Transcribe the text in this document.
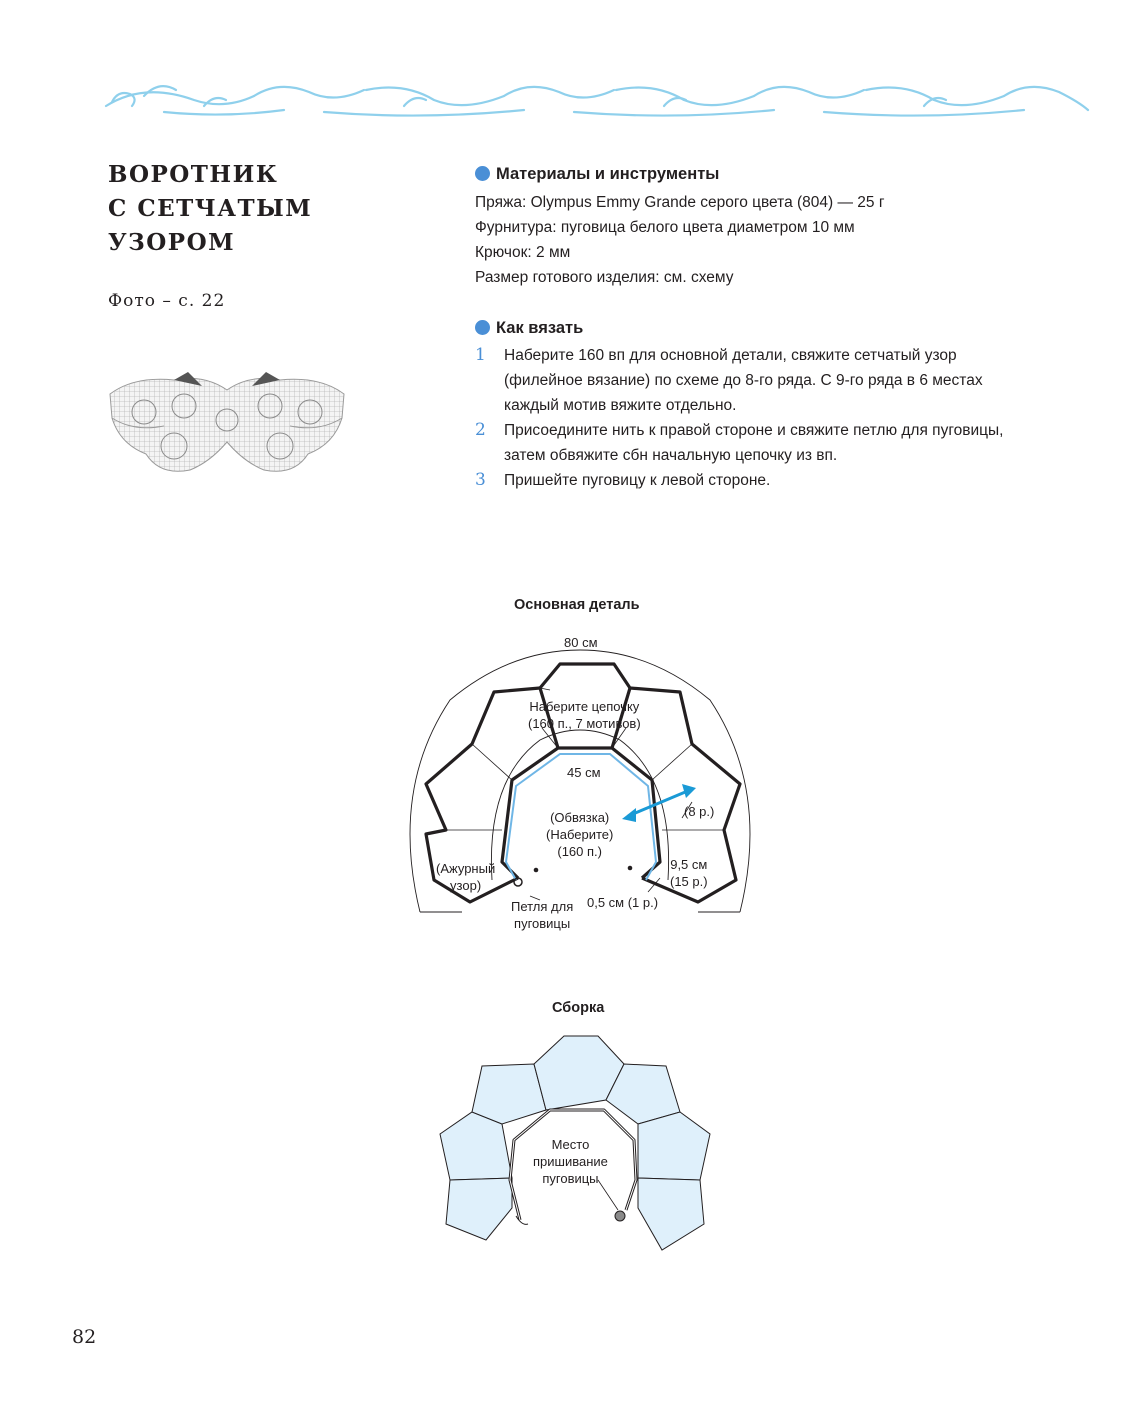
ВОРОТНИК
С СЕТЧАТЫМ
УЗОРОМ
Фото – с. 22
Материалы и инструменты
Пряжа: Olympus Emmy Grande серого цвета (804) — 25 г
Фурнитура: пуговица белого цвета диаметром 10 мм
Крючок: 2 мм
Размер готового изделия: см. схему
Как вязать
1 Наберите 160 вп для основной детали, свяжите сетчатый узор
(филейное вязание) по схеме до 8-го ряда. С 9-го ряда в 6 местах
каждый мотив вяжите отдельно.
2 Присоедините нить к правой стороне и свяжите петлю для пуговицы,
затем обвяжите сбн начальную цепочку из вп.
3 Пришейте пуговицу к левой стороне.
Основная деталь
80 см
Наберите цепочку
(160 п., 7 мотивов)
45 см
(Обвязка)
(Наберите)
(160 п.)
(8 р.)
9,5 см
(15 р.)
(Ажурный
узор)
Петля для
пуговицы
0,5 см (1 р.)
Сборка
Место
пришивание
пуговицы
82
